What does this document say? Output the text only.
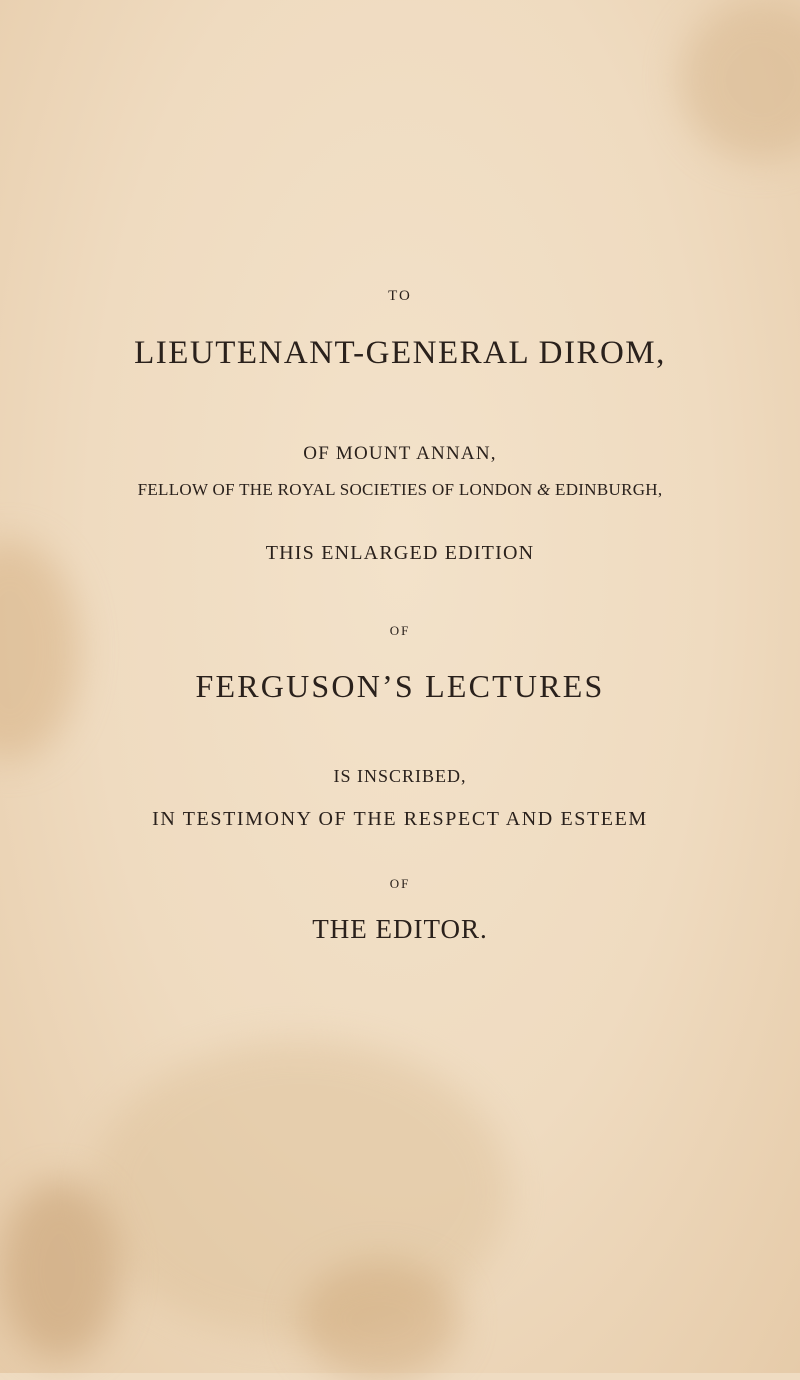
TO
LIEUTENANT-GENERAL DIROM,
OF MOUNT ANNAN,
FELLOW OF THE ROYAL SOCIETIES OF LONDON & EDINBURGH,
THIS ENLARGED EDITION
OF
FERGUSON’S LECTURES
IS INSCRIBED,
IN TESTIMONY OF THE RESPECT AND ESTEEM
OF
THE EDITOR.
